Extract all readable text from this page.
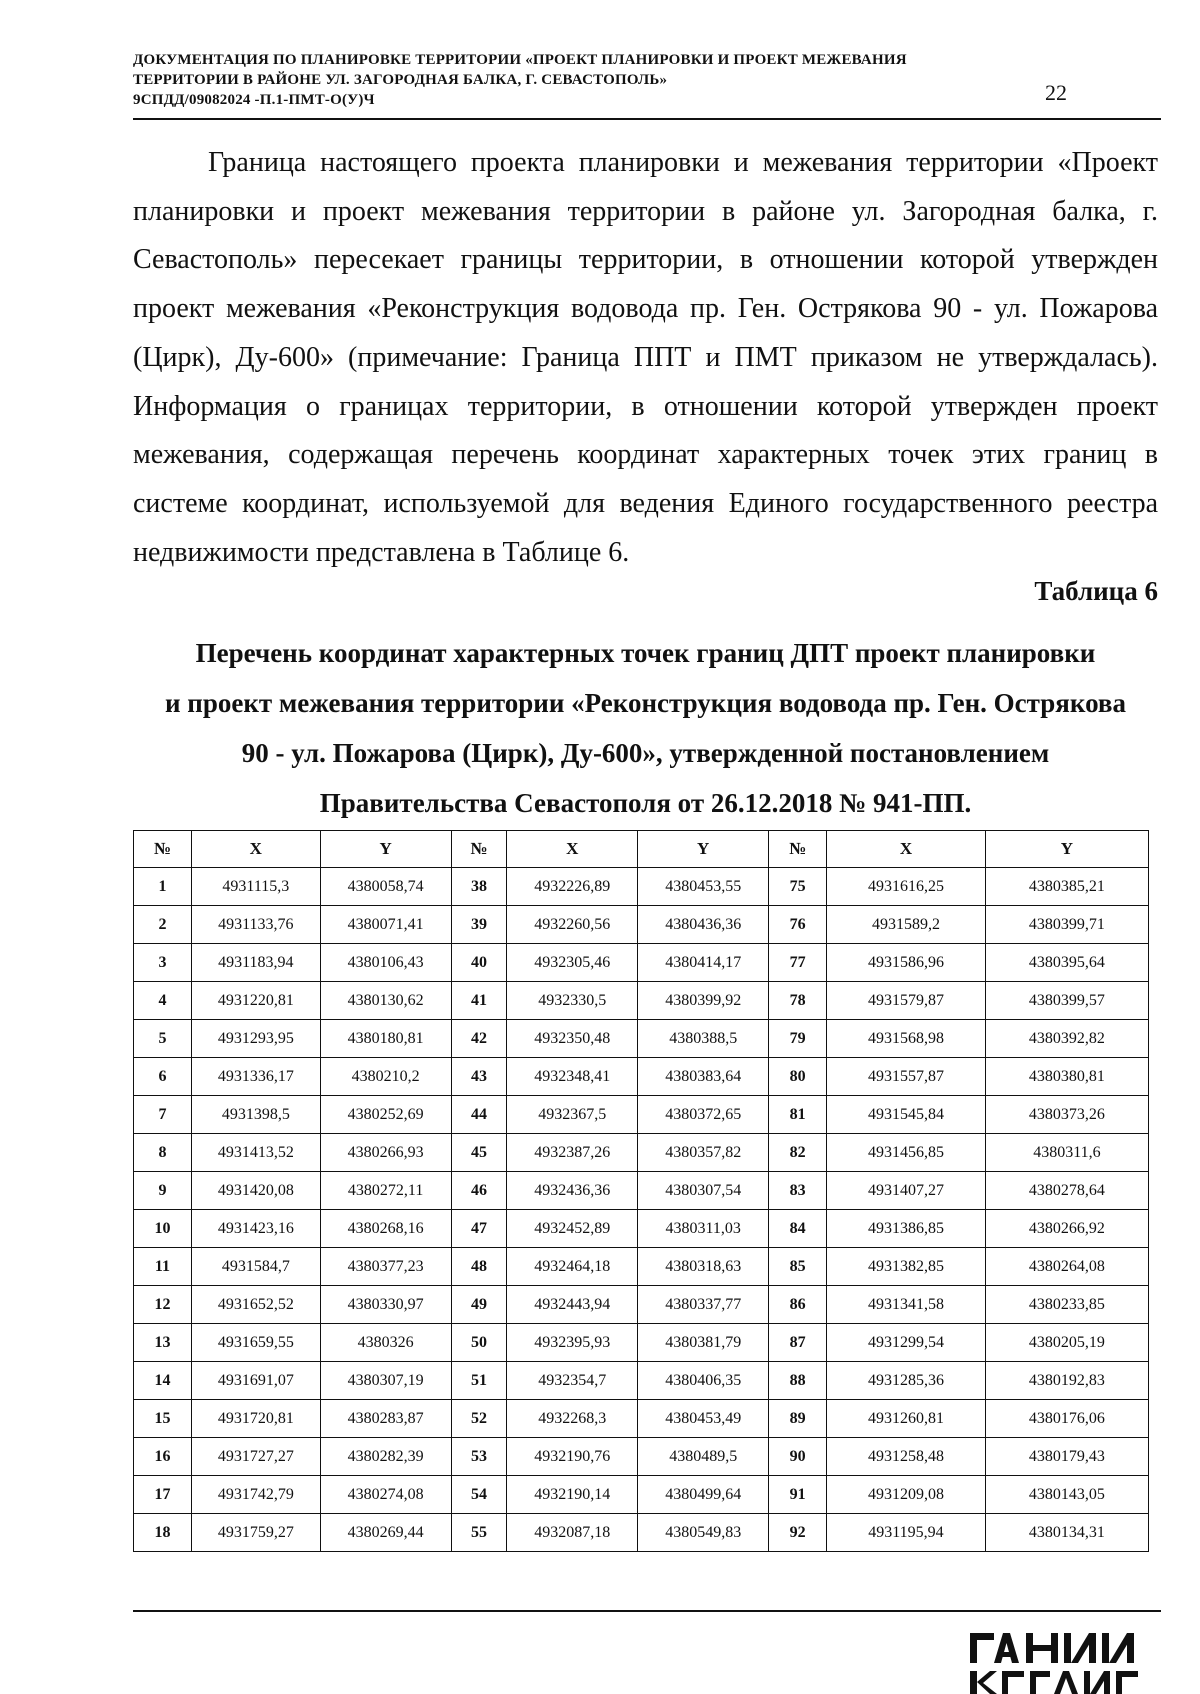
ДОКУМЕНТАЦИЯ ПО ПЛАНИРОВКЕ ТЕРРИТОРИИ «ПРОЕКТ ПЛАНИРОВКИ И ПРОЕКТ МЕЖЕВАНИЯ
ТЕРРИТОРИИ В РАЙОНЕ УЛ. ЗАГОРОДНАЯ БАЛКА, Г. СЕВАСТОПОЛЬ»
9СПДД/09082024 -П.1-ПМТ-О(У)Ч	22

Граница настоящего проекта планировки и межевания территории «Проект планировки и проект межевания территории в районе ул. Загородная балка, г. Севастополь» пересекает границы территории, в отношении которой утвержден проект межевания «Реконструкция водовода пр. Ген. Острякова 90 - ул. Пожарова (Цирк), Ду-600» (примечание: Граница ППТ и ПМТ приказом не утверждалась). Информация о границах территории, в отношении которой утвержден проект межевания, содержащая перечень координат характерных точек этих границ в системе координат, используемой для ведения Единого государственного реестра недвижимости представлена в Таблице 6.

Таблица 6
Перечень координат характерных точек границ ДПТ проект планировки
и проект межевания территории «Реконструкция водовода пр. Ген. Острякова
90 - ул. Пожарова (Цирк), Ду-600», утвержденной постановлением
Правительства Севастополя от 26.12.2018 № 941-ПП.
№	X	Y	№	X	Y	№	X	Y
1	4931115,3	4380058,74	38	4932226,89	4380453,55	75	4931616,25	4380385,21
2	4931133,76	4380071,41	39	4932260,56	4380436,36	76	4931589,2	4380399,71
3	4931183,94	4380106,43	40	4932305,46	4380414,17	77	4931586,96	4380395,64
4	4931220,81	4380130,62	41	4932330,5	4380399,92	78	4931579,87	4380399,57
5	4931293,95	4380180,81	42	4932350,48	4380388,5	79	4931568,98	4380392,82
6	4931336,17	4380210,2	43	4932348,41	4380383,64	80	4931557,87	4380380,81
7	4931398,5	4380252,69	44	4932367,5	4380372,65	81	4931545,84	4380373,26
8	4931413,52	4380266,93	45	4932387,26	4380357,82	82	4931456,85	4380311,6
9	4931420,08	4380272,11	46	4932436,36	4380307,54	83	4931407,27	4380278,64
10	4931423,16	4380268,16	47	4932452,89	4380311,03	84	4931386,85	4380266,92
11	4931584,7	4380377,23	48	4932464,18	4380318,63	85	4931382,85	4380264,08
12	4931652,52	4380330,97	49	4932443,94	4380337,77	86	4931341,58	4380233,85
13	4931659,55	4380326	50	4932395,93	4380381,79	87	4931299,54	4380205,19
14	4931691,07	4380307,19	51	4932354,7	4380406,35	88	4931285,36	4380192,83
15	4931720,81	4380283,87	52	4932268,3	4380453,49	89	4931260,81	4380176,06
16	4931727,27	4380282,39	53	4932190,76	4380489,5	90	4931258,48	4380179,43
17	4931742,79	4380274,08	54	4932190,14	4380499,64	91	4931209,08	4380143,05
18	4931759,27	4380269,44	55	4932087,18	4380549,83	92	4931195,94	4380134,31
